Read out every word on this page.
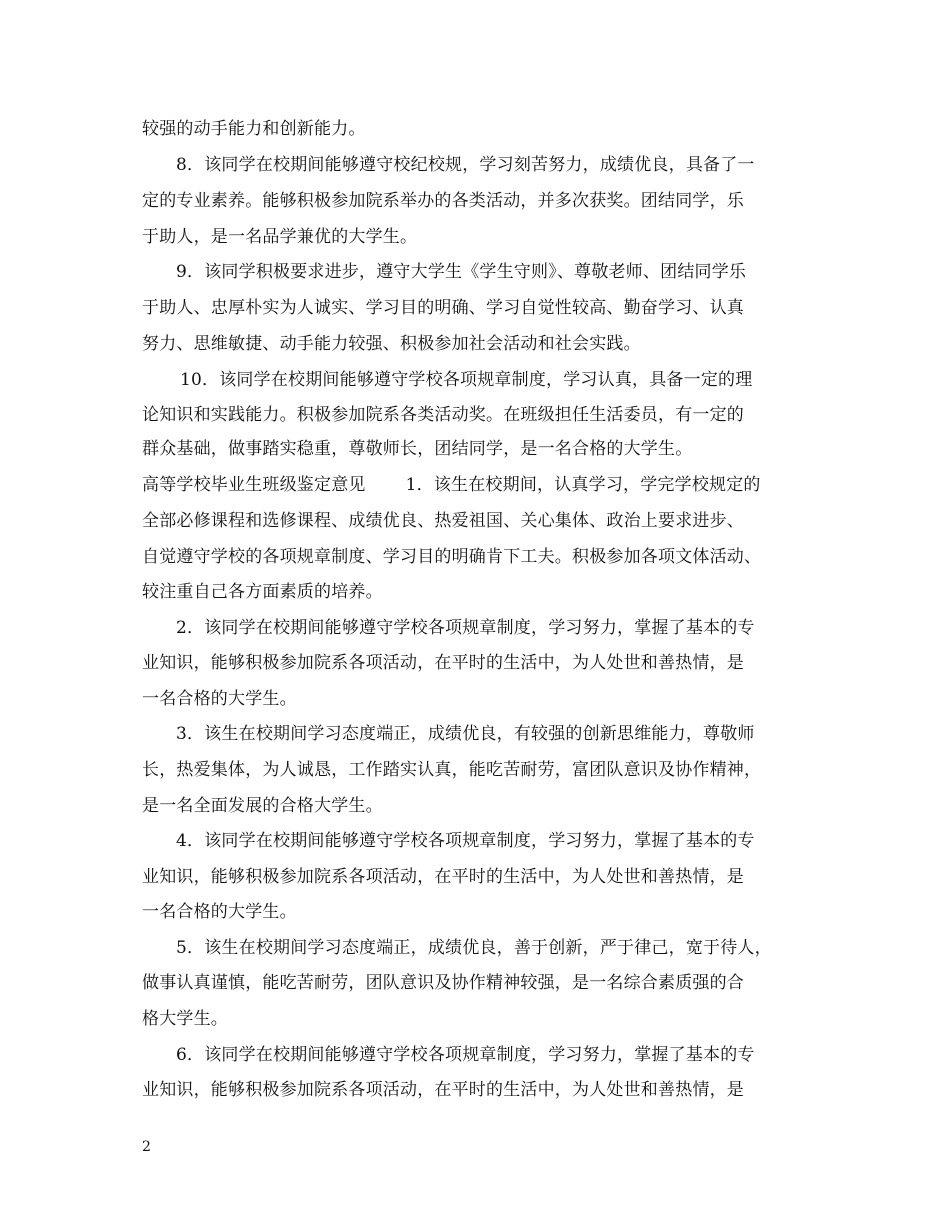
较强的动手能力和创新能力。
8．该同学在校期间能够遵守校纪校规，学习刻苦努力，成绩优良，具备了一
定的专业素养。能够积极参加院系举办的各类活动，并多次获奖。团结同学，乐
于助人，是一名品学兼优的大学生。
9．该同学积极要求进步，遵守大学生《学生守则》、尊敬老师、团结同学乐
于助人、忠厚朴实为人诚实、学习目的明确、学习自觉性较高、勤奋学习、认真
努力、思维敏捷、动手能力较强、积极参加社会活动和社会实践。
10．该同学在校期间能够遵守学校各项规章制度，学习认真，具备一定的理
论知识和实践能力。积极参加院系各类活动奖。在班级担任生活委员，有一定的
群众基础，做事踏实稳重，尊敬师长，团结同学，是一名合格的大学生。
高等学校毕业生班级鉴定意见 1．该生在校期间，认真学习，学完学校规定的
全部必修课程和选修课程、成绩优良、热爱祖国、关心集体、政治上要求进步、
自觉遵守学校的各项规章制度、学习目的明确肯下工夫。积极参加各项文体活动、
较注重自己各方面素质的培养。
2．该同学在校期间能够遵守学校各项规章制度，学习努力，掌握了基本的专
业知识，能够积极参加院系各项活动，在平时的生活中，为人处世和善热情，是
一名合格的大学生。
3．该生在校期间学习态度端正，成绩优良，有较强的创新思维能力，尊敬师
长，热爱集体，为人诚恳，工作踏实认真，能吃苦耐劳，富团队意识及协作精神，
是一名全面发展的合格大学生。
4．该同学在校期间能够遵守学校各项规章制度，学习努力，掌握了基本的专
业知识，能够积极参加院系各项活动，在平时的生活中，为人处世和善热情，是
一名合格的大学生。
5．该生在校期间学习态度端正，成绩优良，善于创新，严于律己，宽于待人，
做事认真谨慎，能吃苦耐劳，团队意识及协作精神较强，是一名综合素质强的合
格大学生。
6．该同学在校期间能够遵守学校各项规章制度，学习努力，掌握了基本的专
业知识，能够积极参加院系各项活动，在平时的生活中，为人处世和善热情，是
2
